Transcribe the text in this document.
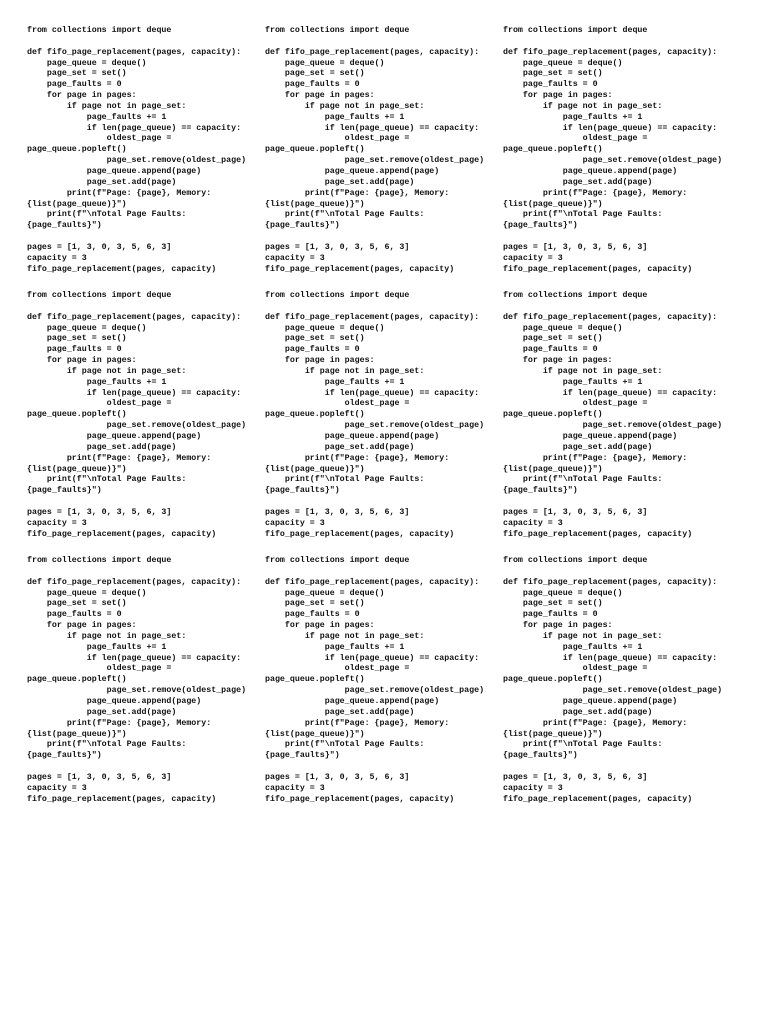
from collections import deque

def fifo_page_replacement(pages, capacity):
page_queue = deque()
page_set = set()
page_faults = 0
for page in pages:
if page not in page_set:
page_faults += 1
if len(page_queue) == capacity:
oldest_page =
page_queue.popleft()
page_set.remove(oldest_page)
page_queue.append(page)
page_set.add(page)
print(f"Page: {page}, Memory:
{list(page_queue)}")
print(f"\nTotal Page Faults:
{page_faults}")

pages = [1, 3, 0, 3, 5, 6, 3]
capacity = 3
fifo_page_replacement(pages, capacity)
from collections import deque

def fifo_page_replacement(pages, capacity):
page_queue = deque()
page_set = set()
page_faults = 0
for page in pages:
if page not in page_set:
page_faults += 1
if len(page_queue) == capacity:
oldest_page =
page_queue.popleft()
page_set.remove(oldest_page)
page_queue.append(page)
page_set.add(page)
print(f"Page: {page}, Memory:
{list(page_queue)}")
print(f"\nTotal Page Faults:
{page_faults}")

pages = [1, 3, 0, 3, 5, 6, 3]
capacity = 3
fifo_page_replacement(pages, capacity)
from collections import deque

def fifo_page_replacement(pages, capacity):
page_queue = deque()
page_set = set()
page_faults = 0
for page in pages:
if page not in page_set:
page_faults += 1
if len(page_queue) == capacity:
oldest_page =
page_queue.popleft()
page_set.remove(oldest_page)
page_queue.append(page)
page_set.add(page)
print(f"Page: {page}, Memory:
{list(page_queue)}")
print(f"\nTotal Page Faults:
{page_faults}")

pages = [1, 3, 0, 3, 5, 6, 3]
capacity = 3
fifo_page_replacement(pages, capacity)
from collections import deque

def fifo_page_replacement(pages, capacity):
page_queue = deque()
page_set = set()
page_faults = 0
for page in pages:
if page not in page_set:
page_faults += 1
if len(page_queue) == capacity:
oldest_page =
page_queue.popleft()
page_set.remove(oldest_page)
page_queue.append(page)
page_set.add(page)
print(f"Page: {page}, Memory:
{list(page_queue)}")
print(f"\nTotal Page Faults:
{page_faults}")

pages = [1, 3, 0, 3, 5, 6, 3]
capacity = 3
fifo_page_replacement(pages, capacity)
from collections import deque

def fifo_page_replacement(pages, capacity):
page_queue = deque()
page_set = set()
page_faults = 0
for page in pages:
if page not in page_set:
page_faults += 1
if len(page_queue) == capacity:
oldest_page =
page_queue.popleft()
page_set.remove(oldest_page)
page_queue.append(page)
page_set.add(page)
print(f"Page: {page}, Memory:
{list(page_queue)}")
print(f"\nTotal Page Faults:
{page_faults}")

pages = [1, 3, 0, 3, 5, 6, 3]
capacity = 3
fifo_page_replacement(pages, capacity)
from collections import deque

def fifo_page_replacement(pages, capacity):
page_queue = deque()
page_set = set()
page_faults = 0
for page in pages:
if page not in page_set:
page_faults += 1
if len(page_queue) == capacity:
oldest_page =
page_queue.popleft()
page_set.remove(oldest_page)
page_queue.append(page)
page_set.add(page)
print(f"Page: {page}, Memory:
{list(page_queue)}")
print(f"\nTotal Page Faults:
{page_faults}")

pages = [1, 3, 0, 3, 5, 6, 3]
capacity = 3
fifo_page_replacement(pages, capacity)
from collections import deque

def fifo_page_replacement(pages, capacity):
page_queue = deque()
page_set = set()
page_faults = 0
for page in pages:
if page not in page_set:
page_faults += 1
if len(page_queue) == capacity:
oldest_page =
page_queue.popleft()
page_set.remove(oldest_page)
page_queue.append(page)
page_set.add(page)
print(f"Page: {page}, Memory:
{list(page_queue)}")
print(f"\nTotal Page Faults:
{page_faults}")

pages = [1, 3, 0, 3, 5, 6, 3]
capacity = 3
fifo_page_replacement(pages, capacity)
from collections import deque

def fifo_page_replacement(pages, capacity):
page_queue = deque()
page_set = set()
page_faults = 0
for page in pages:
if page not in page_set:
page_faults += 1
if len(page_queue) == capacity:
oldest_page =
page_queue.popleft()
page_set.remove(oldest_page)
page_queue.append(page)
page_set.add(page)
print(f"Page: {page}, Memory:
{list(page_queue)}")
print(f"\nTotal Page Faults:
{page_faults}")

pages = [1, 3, 0, 3, 5, 6, 3]
capacity = 3
fifo_page_replacement(pages, capacity)
from collections import deque

def fifo_page_replacement(pages, capacity):
page_queue = deque()
page_set = set()
page_faults = 0
for page in pages:
if page not in page_set:
page_faults += 1
if len(page_queue) == capacity:
oldest_page =
page_queue.popleft()
page_set.remove(oldest_page)
page_queue.append(page)
page_set.add(page)
print(f"Page: {page}, Memory:
{list(page_queue)}")
print(f"\nTotal Page Faults:
{page_faults}")

pages = [1, 3, 0, 3, 5, 6, 3]
capacity = 3
fifo_page_replacement(pages, capacity)
